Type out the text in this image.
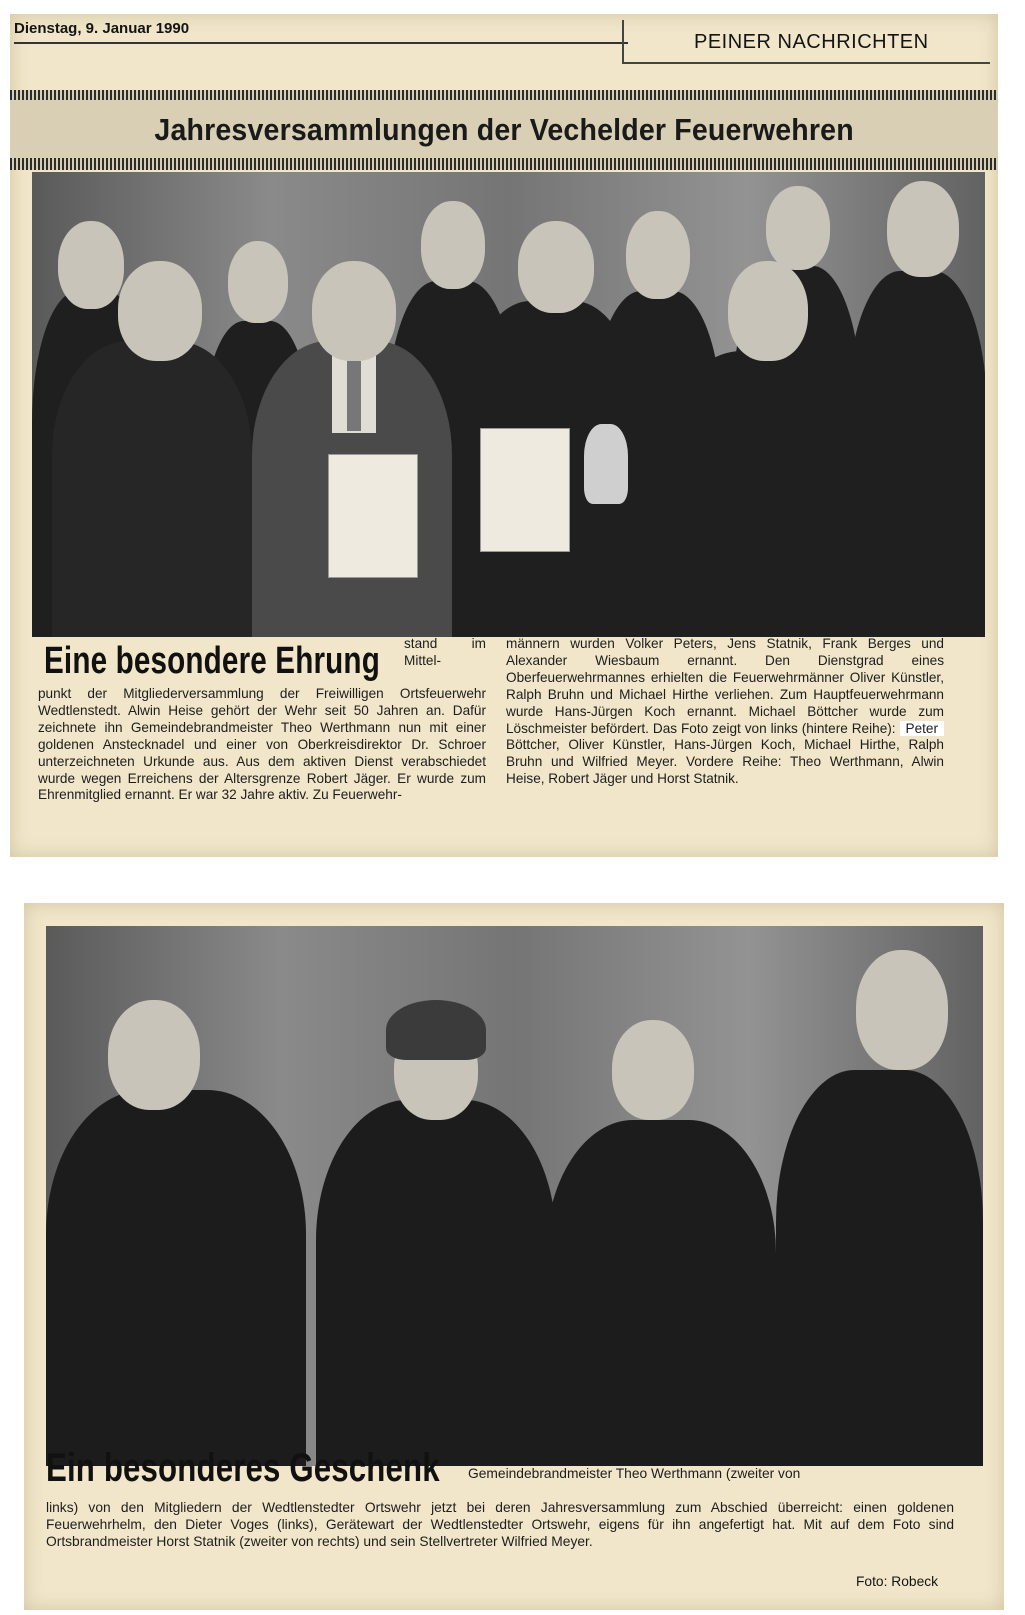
Dienstag, 9. Januar 1990
PEINER NACHRICHTEN
Jahresversammlungen der Vechelder Feuerwehren
Eine besondere Ehrung stand im Mittel-
punkt der Mitgliederversammlung der Freiwilligen Ortsfeuerwehr Wedtlenstedt. Alwin Heise gehört der Wehr seit 50 Jahren an. Dafür zeichnete ihn Gemeindebrandmeister Theo Werthmann nun mit einer goldenen Anstecknadel und einer von Oberkreisdirektor Dr. Schroer unterzeichneten Urkunde aus. Aus dem aktiven Dienst verabschiedet wurde wegen Erreichens der Altersgrenze Robert Jäger. Er wurde zum Ehrenmitglied ernannt. Er war 32 Jahre aktiv. Zu Feuerwehr-
männern wurden Volker Peters, Jens Statnik, Frank Berges und Alexander Wiesbaum ernannt. Den Dienstgrad eines Oberfeuerwehrmannes erhielten die Feuerwehrmänner Oliver Künstler, Ralph Bruhn und Michael Hirthe verliehen. Zum Hauptfeuerwehrmann wurde Hans-Jürgen Koch ernannt. Michael Böttcher wurde zum Löschmeister befördert. Das Foto zeigt von links (hintere Reihe): Peter Böttcher, Oliver Künstler, Hans-Jürgen Koch, Michael Hirthe, Ralph Bruhn und Wilfried Meyer. Vordere Reihe: Theo Werthmann, Alwin Heise, Robert Jäger und Horst Statnik.
Ein besonderes Geschenk bekam der im Frühjahr dieses Jahres aus seinem Amt scheidende Vechelder Gemeindebrandmeister Theo Werthmann (zweiter von
links) von den Mitgliedern der Wedtlenstedter Ortswehr jetzt bei deren Jahresversammlung zum Abschied überreicht: einen goldenen Feuerwehrhelm, den Dieter Voges (links), Gerätewart der Wedtlenstedter Ortswehr, eigens für ihn angefertigt hat. Mit auf dem Foto sind Ortsbrandmeister Horst Statnik (zweiter von rechts) und sein Stellvertreter Wilfried Meyer.
Foto: Robeck
